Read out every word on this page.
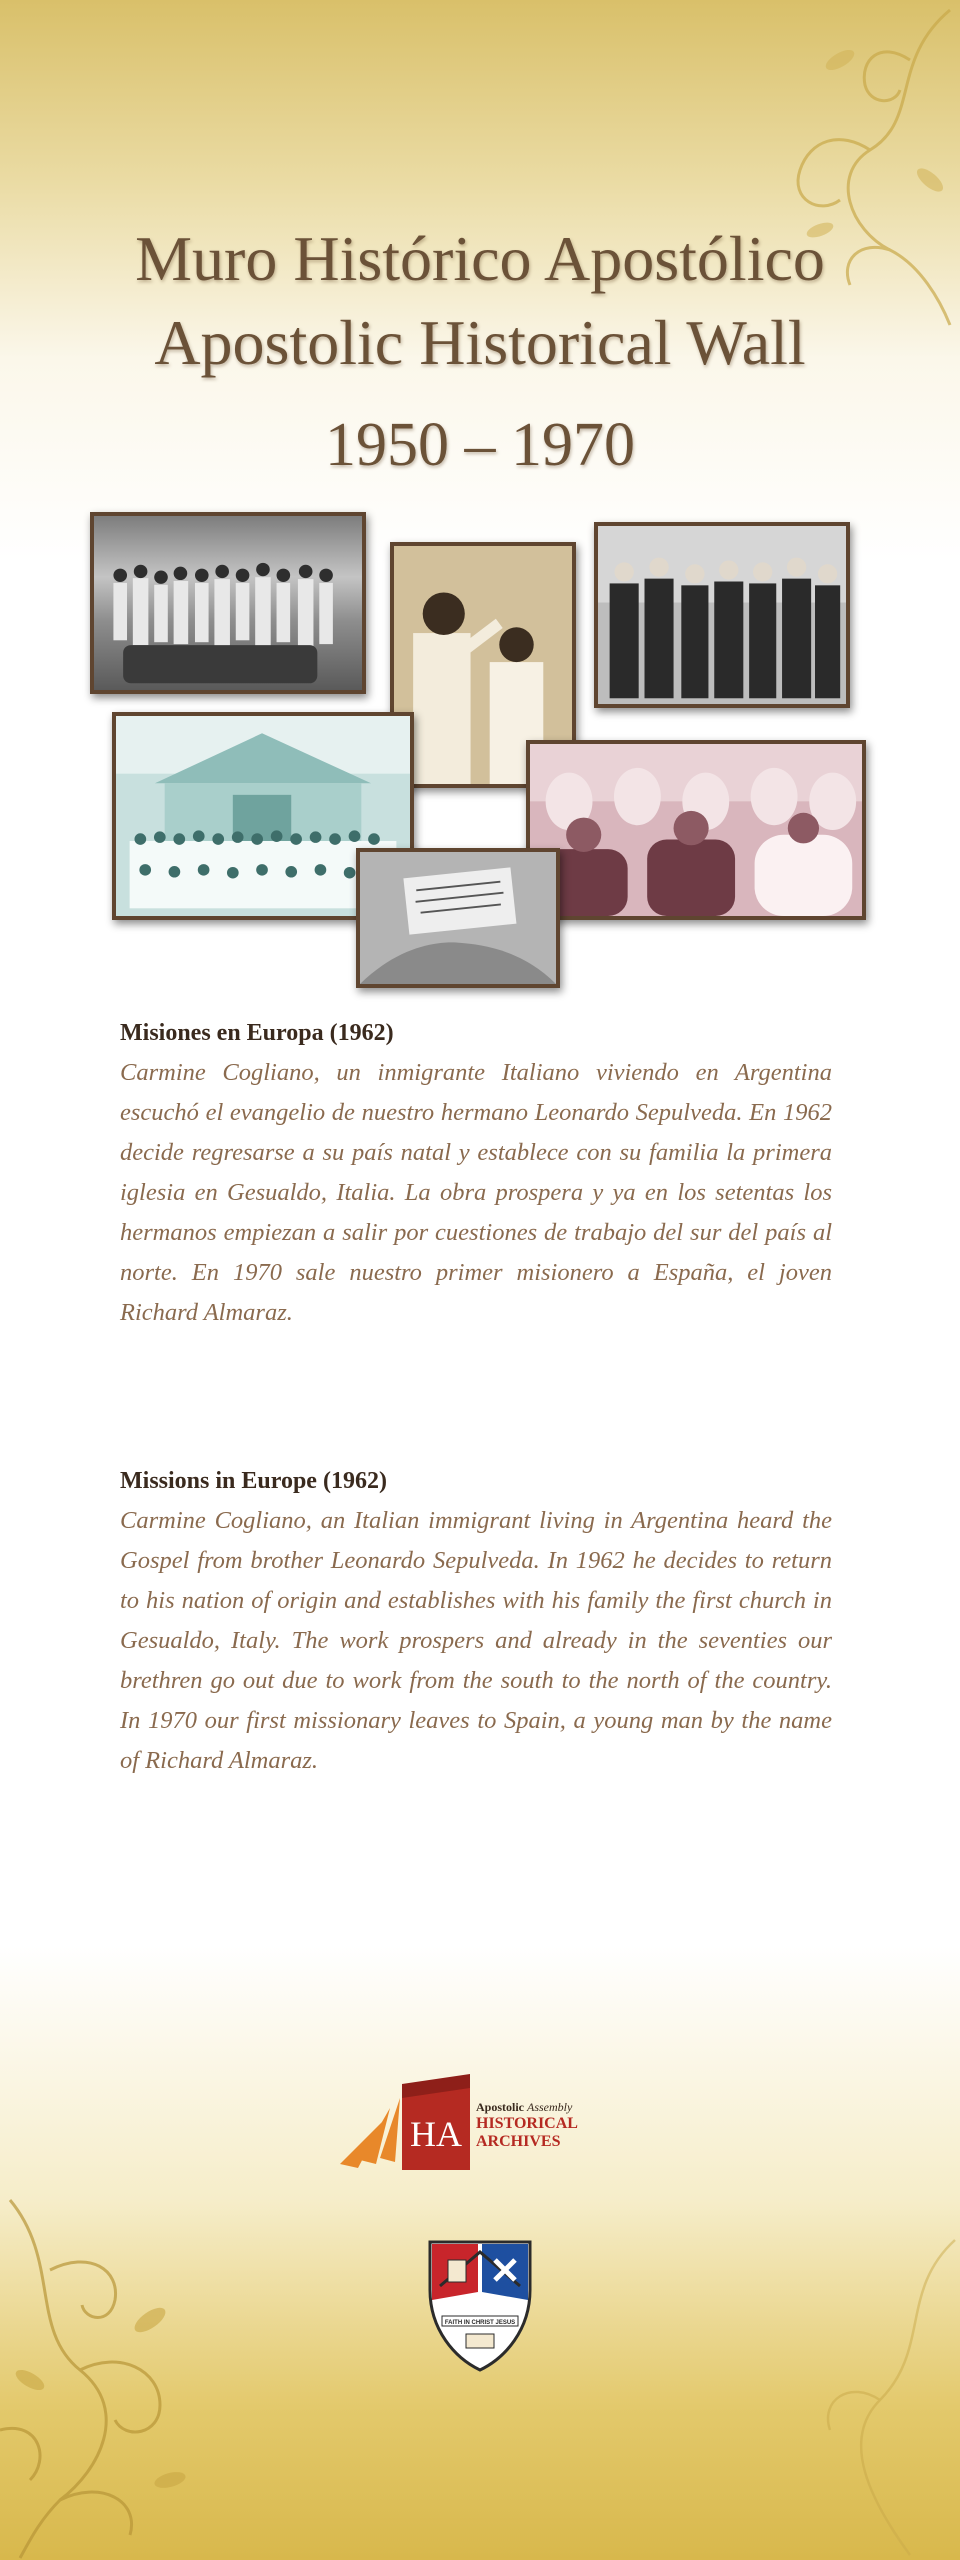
Muro Histórico Apostólico
Apostolic Historical Wall
1950 – 1970

Misiones en Europa (1962)

Carmine Cogliano, un inmigrante Italiano viviendo en Argentina escuchó el evangelio de nuestro hermano Leonardo Sepulveda. En 1962 decide regresarse a su país natal y establece con su familia la primera iglesia en Gesualdo, Italia. La obra prospera y ya en los setentas los hermanos empiezan a salir por cuestiones de trabajo del sur del país al norte. En 1970 sale nuestro primer misionero a España, el joven Richard Almaraz.

Missions in Europe (1962)

Carmine Cogliano, an Italian immigrant living in Argentina heard the Gospel from brother Leonardo Sepulveda. In 1962 he decides to return to his nation of origin and establishes with his family the first church in Gesualdo, Italy. The work prospers and already in the seventies our brethren go out due to work from the south to the north of the country. In 1970 our first missionary leaves to Spain, a young man by the name of Richard Almaraz.

HA
Apostolic Assembly
HISTORICAL
ARCHIVES
FAITH IN CHRIST JESUS
